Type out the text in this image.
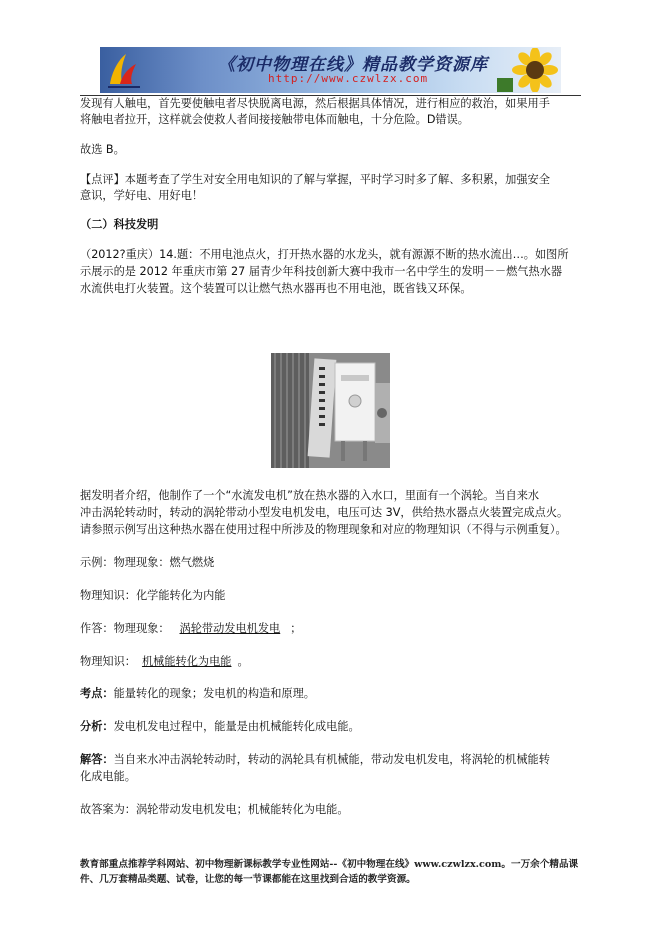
《初中物理在线》精品教学资源库
http://www.czwlzx.com
发现有人触电，首先要使触电者尽快脱离电源，然后根据具体情况，进行相应的救治，如果用手
将触电者拉开，这样就会使救人者间接接触带电体而触电，十分危险。D错误。
故选 B。
【点评】本题考查了学生对安全用电知识的了解与掌握，平时学习时多了解、多积累，加强安全
意识，学好电、用好电！
（二）科技发明
（2012?重庆）14.题：不用电池点火，打开热水器的水龙头，就有源源不断的热水流出…。如图所
示展示的是 2012 年重庆市第 27 届青少年科技创新大赛中我市一名中学生的发明－－燃气热水器
水流供电打火装置。这个装置可以让燃气热水器再也不用电池，既省钱又环保。
据发明者介绍，他制作了一个“水流发电机”放在热水器的入水口，里面有一个涡轮。当自来水
冲击涡轮转动时，转动的涡轮带动小型发电机发电，电压可达 3V，供给热水器点火装置完成点火。
请参照示例写出这种热水器在使用过程中所涉及的物理现象和对应的物理知识（不得与示例重复）。
示例：物理现象：燃气燃烧
物理知识：化学能转化为内能
作答：物理现象： 涡轮带动发电机发电 ；
物理知识： 机械能转化为电能 。
考点：能量转化的现象；发电机的构造和原理。
分析：发电机发电过程中，能量是由机械能转化成电能。
解答：当自来水冲击涡轮转动时，转动的涡轮具有机械能，带动发电机发电，将涡轮的机械能转
化成电能。
故答案为：涡轮带动发电机发电；机械能转化为电能。
教育部重点推荐学科网站、初中物理新课标教学专业性网站--《初中物理在线》www.czwlzx.com。一万余个精品课
件、几万套精品类题、试卷，让您的每一节课都能在这里找到合适的教学资源。
